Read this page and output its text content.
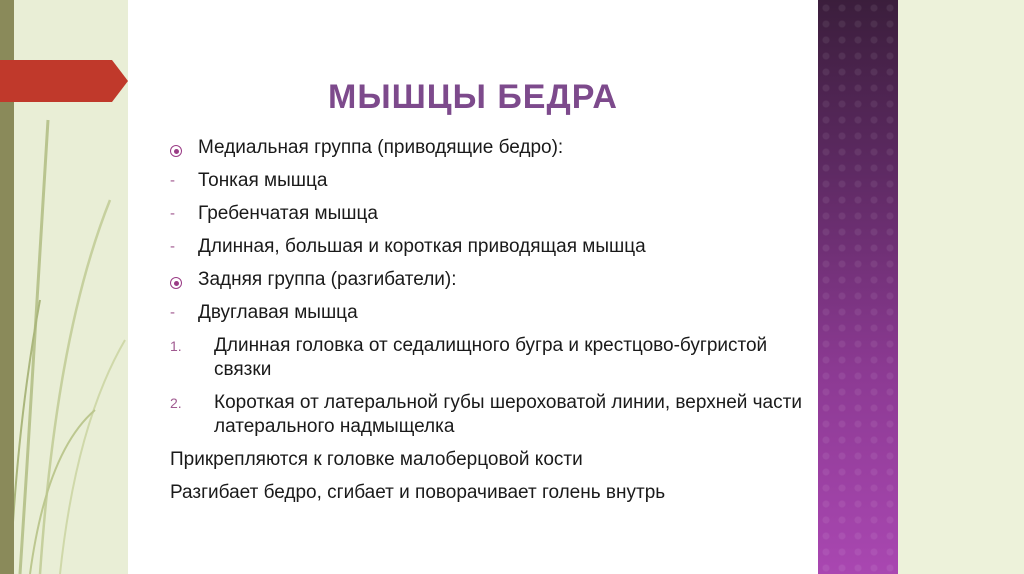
МЫШЦЫ БЕДРА
Медиальная группа (приводящие бедро):
-	Тонкая мышца
-	Гребенчатая мышца
-	Длинная, большая и короткая приводящая мышца
Задняя группа (разгибатели):
-	Двуглавая мышца
1.	Длинная головка от седалищного бугра и крестцово-бугристой связки
2.	Короткая от латеральной губы шероховатой линии, верхней части латерального надмыщелка
Прикрепляются к головке малоберцовой кости
Разгибает бедро, сгибает и поворачивает голень внутрь
